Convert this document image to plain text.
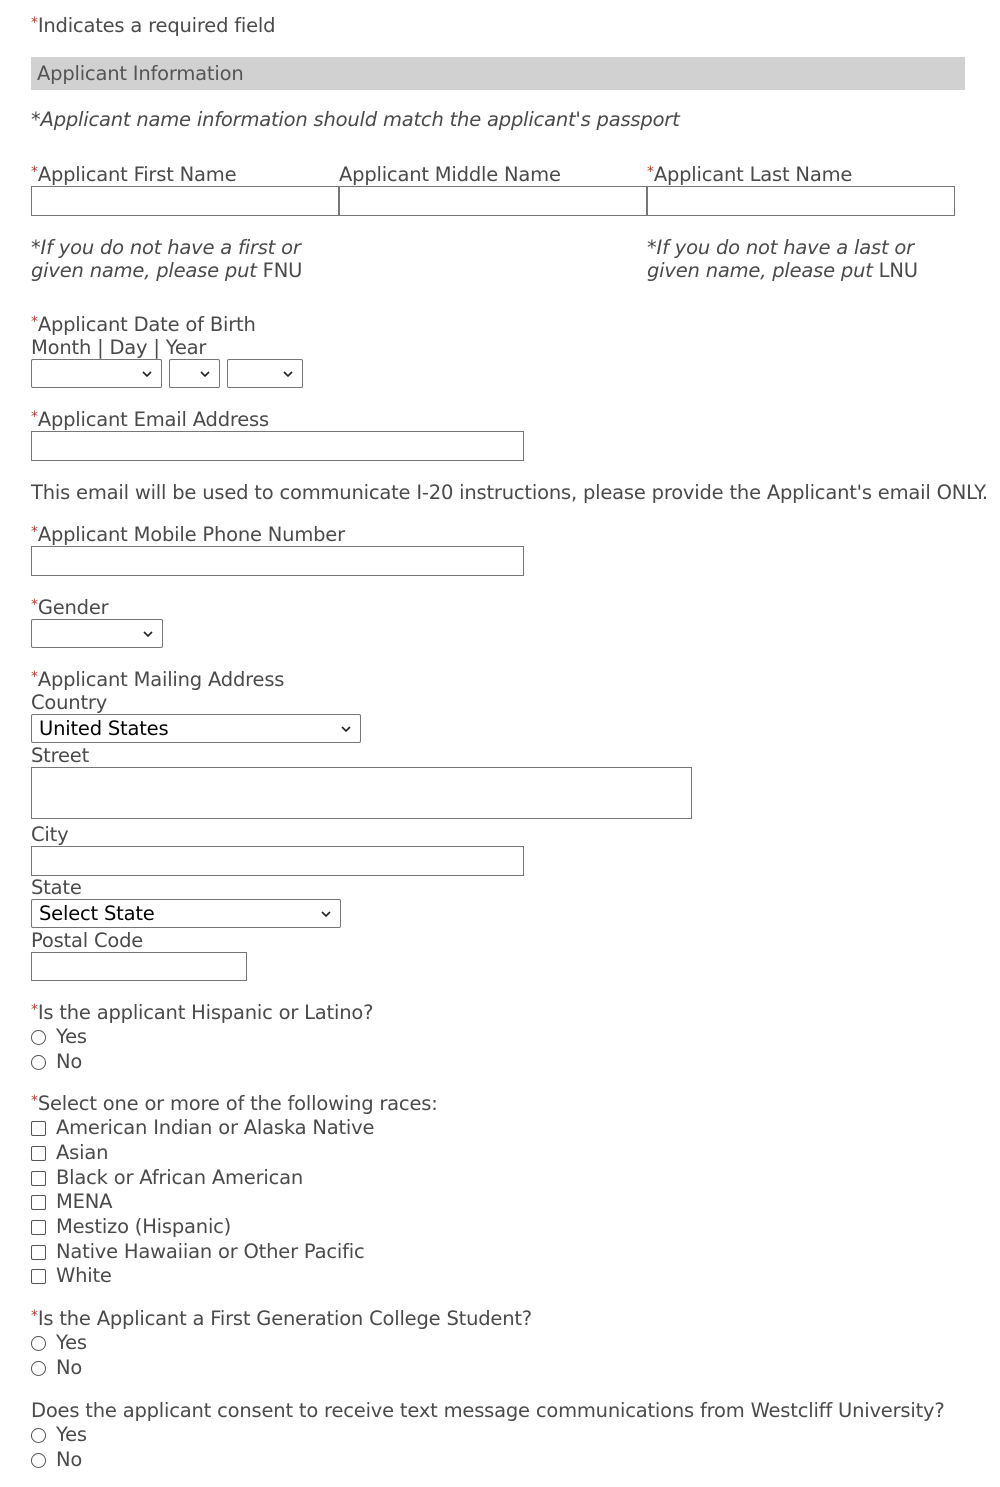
*Indicates a required field
Applicant Information
*Applicant name information should match the applicant's passport
*Applicant First Name	Applicant Middle Name	*Applicant Last Name
*If you do not have a first or given name, please put FNU
*If you do not have a last or given name, please put LNU
*Applicant Date of Birth
Month | Day | Year
*Applicant Email Address
This email will be used to communicate I-20 instructions, please provide the Applicant's email ONLY.
*Applicant Mobile Phone Number
*Gender
*Applicant Mailing Address
Country
United States
Street
City
State
Select State
Postal Code
*Is the applicant Hispanic or Latino?
Yes
No
*Select one or more of the following races:
American Indian or Alaska Native
Asian
Black or African American
MENA
Mestizo (Hispanic)
Native Hawaiian or Other Pacific
White
*Is the Applicant a First Generation College Student?
Yes
No
Does the applicant consent to receive text message communications from Westcliff University?
Yes
No
